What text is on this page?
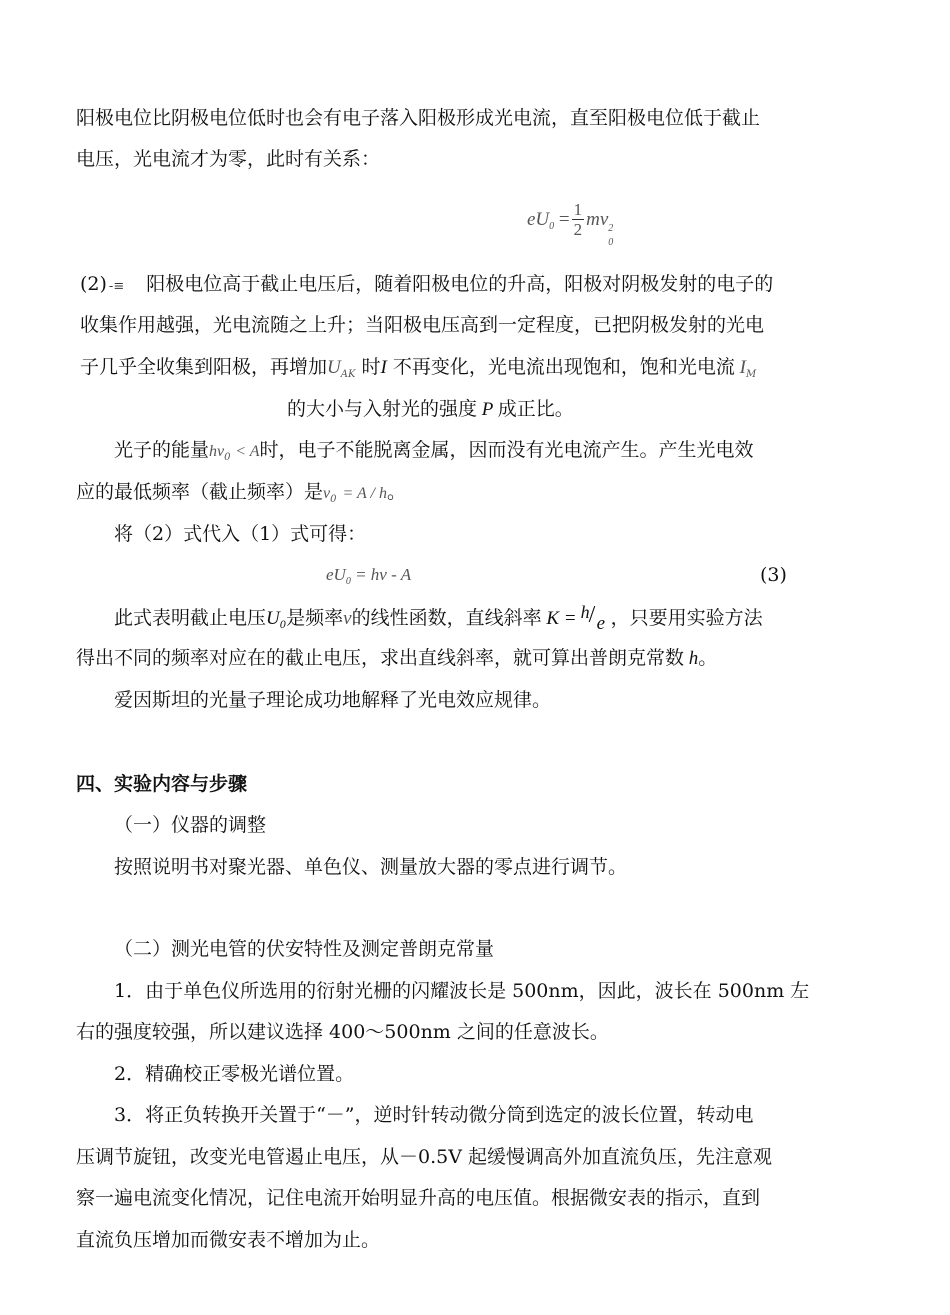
阳极电位比阴极电位低时也会有电子落入阳极形成光电流，直至阳极电位低于截止
电压，光电流才为零，此时有关系：
$eU_0 = \frac{1}{2}$ mv 2
0
(2) -≡ 阳极电位高于截止电压后，随着阳极电位的升高，阳极对阴极发射的电子的
收集作用越强，光电流随之上升；当阳极电压高到一定程度，已把阴极发射的光电
子几乎全收集到阳极，再增加$U_{AK}$ 时I 不再变化，光电流出现饱和，饱和光电流 $I_M$
的大小与入射光的强度 P 成正比。
光子的能量$hv_0 < A$时，电子不能脱离金属，因而没有光电流产生。产生光电效
应的最低频率（截止频率）是$v_0 = A / h$。
将（2）式代入（1）式可得：
$eU_0$ = hv - A	(3)
此式表明截止电压$U_0$是频率v的线性函数，直线斜率 K = h / e ，只要用实验方法
得出不同的频率对应在的截止电压，求出直线斜率，就可算出普朗克常数 h。
爱因斯坦的光量子理论成功地解释了光电效应规律。
四、实验内容与步骤
（一）仪器的调整
按照说明书对聚光器、单色仪、测量放大器的零点进行调节。
（二）测光电管的伏安特性及测定普朗克常量
1．由于单色仪所选用的衍射光栅的闪耀波长是 500nm，因此，波长在 500nm 左
右的强度较强，所以建议选择 400～500nm 之间的任意波长。
2．精确校正零极光谱位置。
3．将正负转换开关置于“－”，逆时针转动微分筒到选定的波长位置，转动电
压调节旋钮，改变光电管遏止电压，从－0.5V 起缓慢调高外加直流负压，先注意观
察一遍电流变化情况，记住电流开始明显升高的电压值。根据微安表的指示，直到
直流负压增加而微安表不增加为止。
